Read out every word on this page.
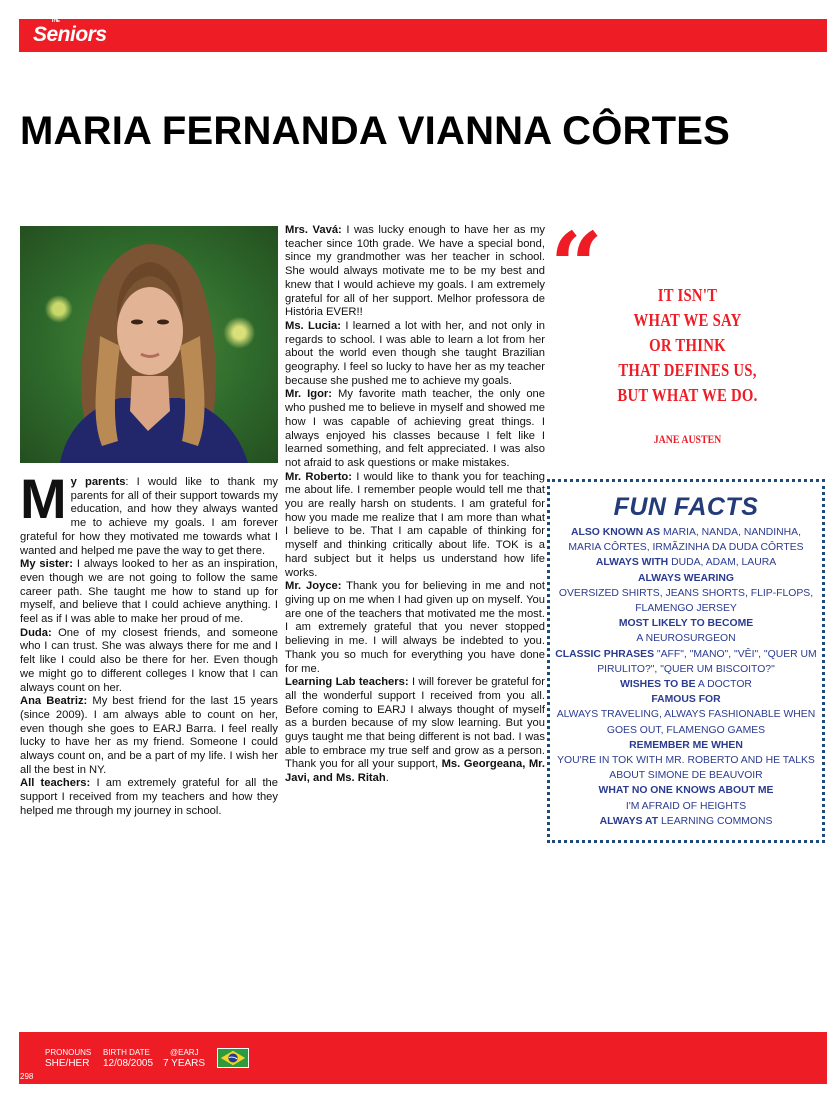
THE
Seniors
MARIA FERNANDA VIANNA CÔRTES

My parents: I would like to thank my parents for all of their support towards my education, and how they always wanted me to achieve my goals. I am forever grateful for how they motivated me towards what I wanted and helped me pave the way to get there.

My sister: I always looked to her as an inspiration, even though we are not going to follow the same career path. She taught me how to stand up for myself, and believe that I could achieve anything. I feel as if I was able to make her proud of me.

Duda: One of my closest friends, and someone who I can trust. She was always there for me and I felt like I could also be there for her. Even though we might go to different colleges I know that I can always count on her.

Ana Beatriz: My best friend for the last 15 years (since 2009). I am always able to count on her, even though she goes to EARJ Barra. I feel really lucky to have her as my friend. Someone I could always count on, and be a part of my life. I wish her all the best in NY.

All teachers: I am extremely grateful for all the support I received from my teachers and how they helped me through my journey in school.

Mrs. Vavá: I was lucky enough to have her as my teacher since 10th grade. We have a special bond, since my grandmother was her teacher in school. She would always motivate me to be my best and knew that I would achieve my goals. I am extremely grateful for all of her support. Melhor professora de História EVER!!

Ms. Lucia: I learned a lot with her, and not only in regards to school. I was able to learn a lot from her about the world even though she taught Brazilian geography. I feel so lucky to have her as my teacher because she pushed me to achieve my goals.

Mr. Igor: My favorite math teacher, the only one who pushed me to believe in myself and showed me how I was capable of achieving great things. I always enjoyed his classes because I felt like I learned something, and felt appreciated. I was also not afraid to ask questions or make mistakes.

Mr. Roberto: I would like to thank you for teaching me about life. I remember people would tell me that you are really harsh on students. I am grateful for how you made me realize that I am more than what I believe to be. That I am capable of thinking for myself and thinking critically about life. TOK is a hard subject but it helps us understand how life works.

Mr. Joyce: Thank you for believing in me and not giving up on me when I had given up on myself. You are one of the teachers that motivated me the most. I am extremely grateful that you never stopped believing in me. I will always be indebted to you. Thank you so much for everything you have done for me.

Learning Lab teachers: I will forever be grateful for all the wonderful support I received from you all. Before coming to EARJ I always thought of myself as a burden because of my slow learning. But you guys taught me that being different is not bad. I was able to embrace my true self and grow as a person. Thank you for all your support, Ms. Georgeana, Mr. Javi, and Ms. Ritah.

“	IT ISN'T
WHAT WE SAY
OR THINK
THAT DEFINES US,
BUT WHAT WE DO.
JANE AUSTEN
FUN FACTS
ALSO KNOWN AS MARIA, NANDA, NANDINHA, MARIA CÔRTES, IRMÃZINHA DA DUDA CÔRTES
ALWAYS WITH DUDA, ADAM, LAURA
ALWAYS WEARING
OVERSIZED SHIRTS, JEANS SHORTS, FLIP-FLOPS, FLAMENGO JERSEY
MOST LIKELY TO BECOME
A NEUROSURGEON
CLASSIC PHRASES "AFF", "MANO", "VÊI", "QUER UM PIRULITO?", "QUER UM BISCOITO?"
WISHES TO BE A DOCTOR
FAMOUS FOR
ALWAYS TRAVELING, ALWAYS FASHIONABLE WHEN GOES OUT, FLAMENGO GAMES
REMEMBER ME WHEN
YOU'RE IN TOK WITH MR. ROBERTO AND HE TALKS ABOUT SIMONE DE BEAUVOIR
WHAT NO ONE KNOWS ABOUT ME
I'M AFRAID OF HEIGHTS
ALWAYS AT LEARNING COMMONS
PRONOUNS
SHE/HER
BIRTH DATE
12/08/2005
@EARJ
7 YEARS
298
